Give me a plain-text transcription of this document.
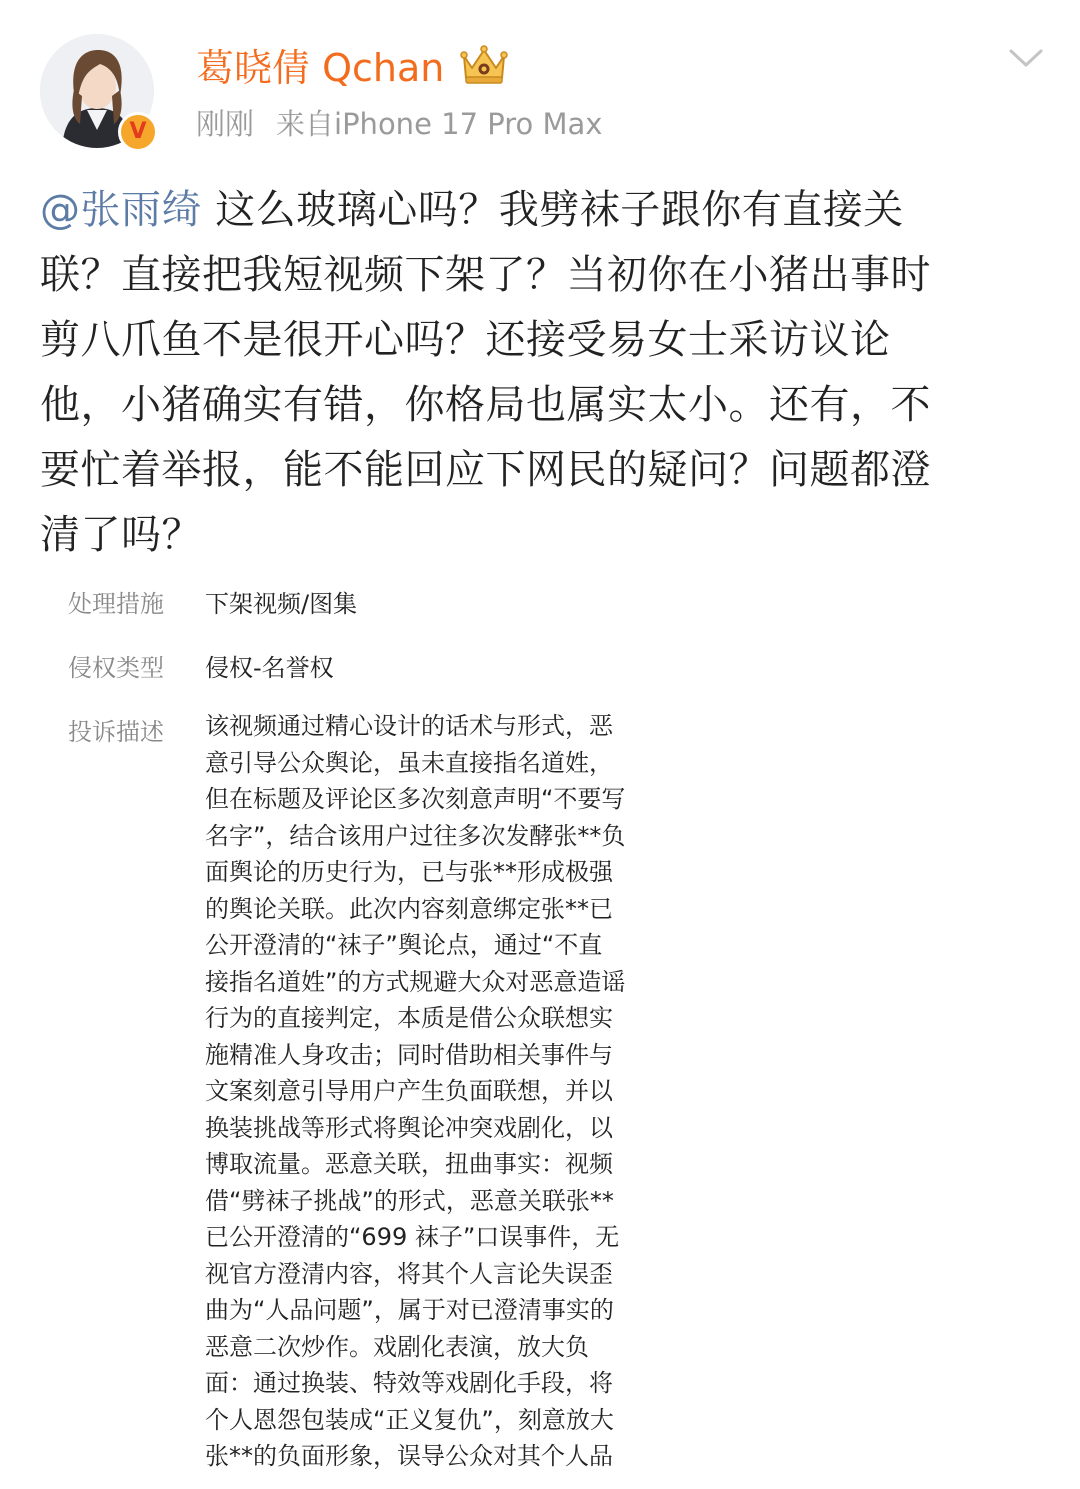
V
葛晓倩 Qchan
刚刚 来自iPhone 17 Pro Max
@张雨绮 这么玻璃心吗？我劈袜子跟你有直接关
联？直接把我短视频下架了？当初你在小猪出事时
剪八爪鱼不是很开心吗？还接受易女士采访议论
他，小猪确实有错，你格局也属实太小。还有，不
要忙着举报，能不能回应下网民的疑问？问题都澄
清了吗？
处理措施 下架视频/图集
侵权类型 侵权-名誉权
投诉描述 该视频通过精心设计的话术与形式，恶
意引导公众舆论，虽未直接指名道姓，
但在标题及评论区多次刻意声明“不要写
名字”，结合该用户过往多次发酵张**负
面舆论的历史行为，已与张**形成极强
的舆论关联。此次内容刻意绑定张**已
公开澄清的“袜子”舆论点，通过“不直
接指名道姓”的方式规避大众对恶意造谣
行为的直接判定，本质是借公众联想实
施精准人身攻击；同时借助相关事件与
文案刻意引导用户产生负面联想，并以
换装挑战等形式将舆论冲突戏剧化，以
博取流量。恶意关联，扭曲事实：视频
借“劈袜子挑战”的形式，恶意关联张**
已公开澄清的“699 袜子”口误事件，无
视官方澄清内容，将其个人言论失误歪
曲为“人品问题”，属于对已澄清事实的
恶意二次炒作。戏剧化表演，放大负
面：通过换装、特效等戏剧化手段，将
个人恩怨包装成“正义复仇”，刻意放大
张**的负面形象，误导公众对其个人品
